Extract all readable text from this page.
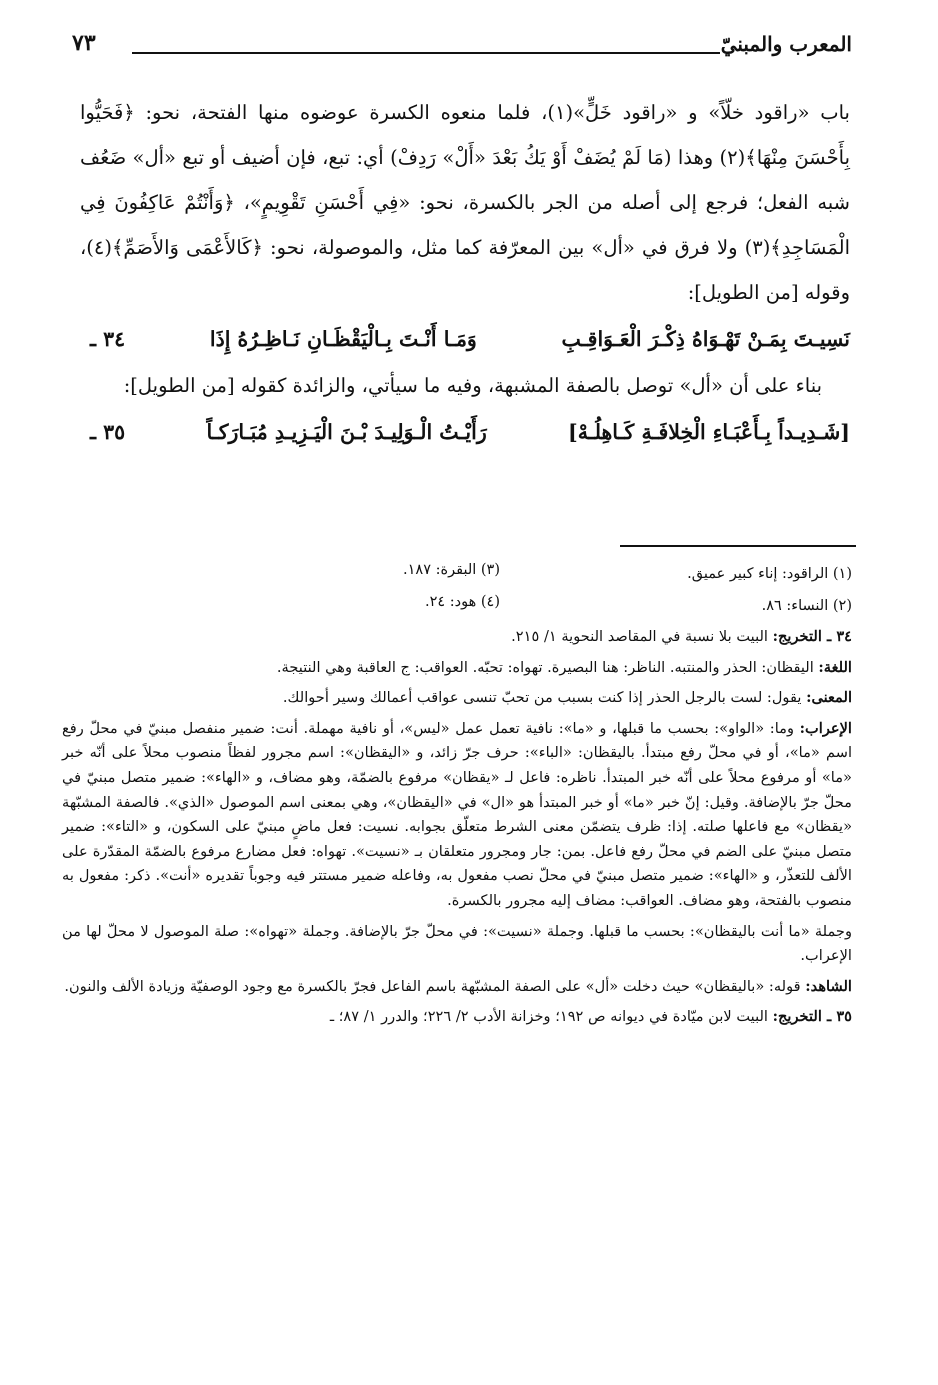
المعرب والمبنيّ
٧٣
باب «راقود خلّاً» و «راقود خَلٍّ»(١)، فلما منعوه الكسرة عوضوه منها الفتحة، نحو: ﴿فَحَيُّوا بِأَحْسَنَ مِنْهَا﴾(٢) وهذا (مَا لَمْ يُضَفْ أَوْ يَكُ بَعْدَ «أَلْ» رَدِفْ) أي: تبع، فإن أضيف أو تبع «أل» ضَعُف شبه الفعل؛ فرجع إلى أصله من الجر بالكسرة، نحو: «فِي أَحْسَنِ تَقْوِيمٍ»، ﴿وَأَنْتُمْ عَاكِفُونَ فِي الْمَسَاجِدِ﴾(٣) ولا فرق في «أل» بين المعرّفة كما مثل، والموصولة، نحو: ﴿كَالأَعْمَى وَالأَصَمِّ﴾(٤)، وقوله [من الطويل]:
٣٤ ـ	وَمَـا أَنْـتَ بِـالْيَقْظَـانِ نَـاظِـرُهُ إِذَا	نَسِيـتَ بِمَـنْ تَهْـوَاهُ ذِكْـرَ الْعَـوَاقِـبِ
بناء على أن «أل» توصل بالصفة المشبهة، وفيه ما سيأتي، والزائدة كقوله [من الطويل]:
٣٥ ـ	رَأَيْـتُ الْـوَلِيـدَ بْـنَ الْيَـزِيـدِ مُبَـارَكـاً	[شَـدِيـداً بِـأَعْبَـاءِ الْخِلافَـةِ كَـاهِلُـهْ]
(١) الراقود: إناء كبير عميق.
(٢) النساء: ٨٦.
(٣) البقرة: ١٨٧.
(٤) هود: ٢٤.
٣٤ ـ التخريج: البيت بلا نسبة في المقاصد النحوية ١/ ٢١٥.
اللغة: اليقظان: الحذر والمنتبه. الناظر: هنا البصيرة. تهواه: تحبّه. العواقب: ج العاقبة وهي النتيجة.
المعنى: يقول: لست بالرجل الحذر إذا كنت بسبب من تحبّ تنسى عواقب أعمالك وسير أحوالك.
الإعراب: وما: «الواو»: بحسب ما قبلها، و «ما»: نافية تعمل عمل «ليس»، أو نافية مهملة. أنت: ضمير منفصل مبنيّ في محلّ رفع اسم «ما»، أو في محلّ رفع مبتدأ. باليقظان: «الباء»: حرف جرّ زائد، و «اليقظان»: اسم مجرور لفظاً منصوب محلاً على أنّه خبر «ما» أو مرفوع محلاً على أنّه خبر المبتدأ. ناظره: فاعل لـ «يقظان» مرفوع بالضمّة، وهو مضاف، و «الهاء»: ضمير متصل مبنيّ في محلّ جرّ بالإضافة. وقيل: إنّ خبر «ما» أو خبر المبتدأ هو «ال» في «اليقظان»، وهي بمعنى اسم الموصول «الذي». فالصفة المشبّهة «يقظان» مع فاعلها صلته. إذا: ظرف يتضمّن معنى الشرط متعلّق بجوابه. نسيت: فعل ماضٍ مبنيّ على السكون، و «التاء»: ضمير متصل مبنيّ على الضم في محلّ رفع فاعل. بمن: جار ومجرور متعلقان بـ «نسيت». تهواه: فعل مضارع مرفوع بالضمّة المقدّرة على الألف للتعذّر، و «الهاء»: ضمير متصل مبنيّ في محلّ نصب مفعول به، وفاعله ضمير مستتر فيه وجوباً تقديره «أنت». ذكر: مفعول به منصوب بالفتحة، وهو مضاف. العواقب: مضاف إليه مجرور بالكسرة.
وجملة «ما أنت باليقظان»: بحسب ما قبلها. وجملة «نسيت»: في محلّ جرّ بالإضافة. وجملة «تهواه»: صلة الموصول لا محلّ لها من الإعراب.
الشاهد: قوله: «باليقظان» حيث دخلت «أل» على الصفة المشبّهة باسم الفاعل فجرّ بالكسرة مع وجود الوصفيّة وزيادة الألف والنون.
٣٥ ـ التخريج: البيت لابن ميّادة في ديوانه ص ١٩٢؛ وخزانة الأدب ٢/ ٢٢٦؛ والدرر ١/ ٨٧؛ ـ
